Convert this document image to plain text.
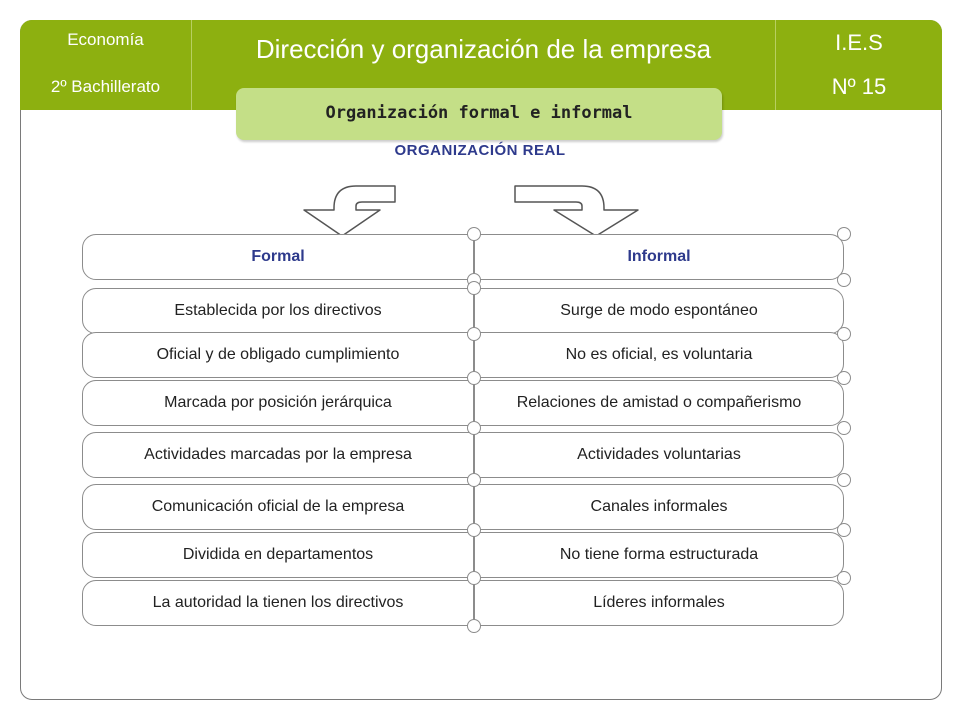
Economía
2º Bachillerato
Dirección y organización de la empresa	I.E.S
Nº 15
Organización formal e informal
ORGANIZACIÓN REAL
Formal	Informal
Establecida por los directivos	Surge de modo espontáneo
Oficial y de obligado cumplimiento	No es oficial, es voluntaria
Marcada por posición jerárquica	Relaciones de amistad o compañerismo
Actividades marcadas por la empresa	Actividades voluntarias
Comunicación oficial de la empresa	Canales informales
Dividida en departamentos	No tiene forma estructurada
La autoridad la tienen los directivos	Líderes informales
